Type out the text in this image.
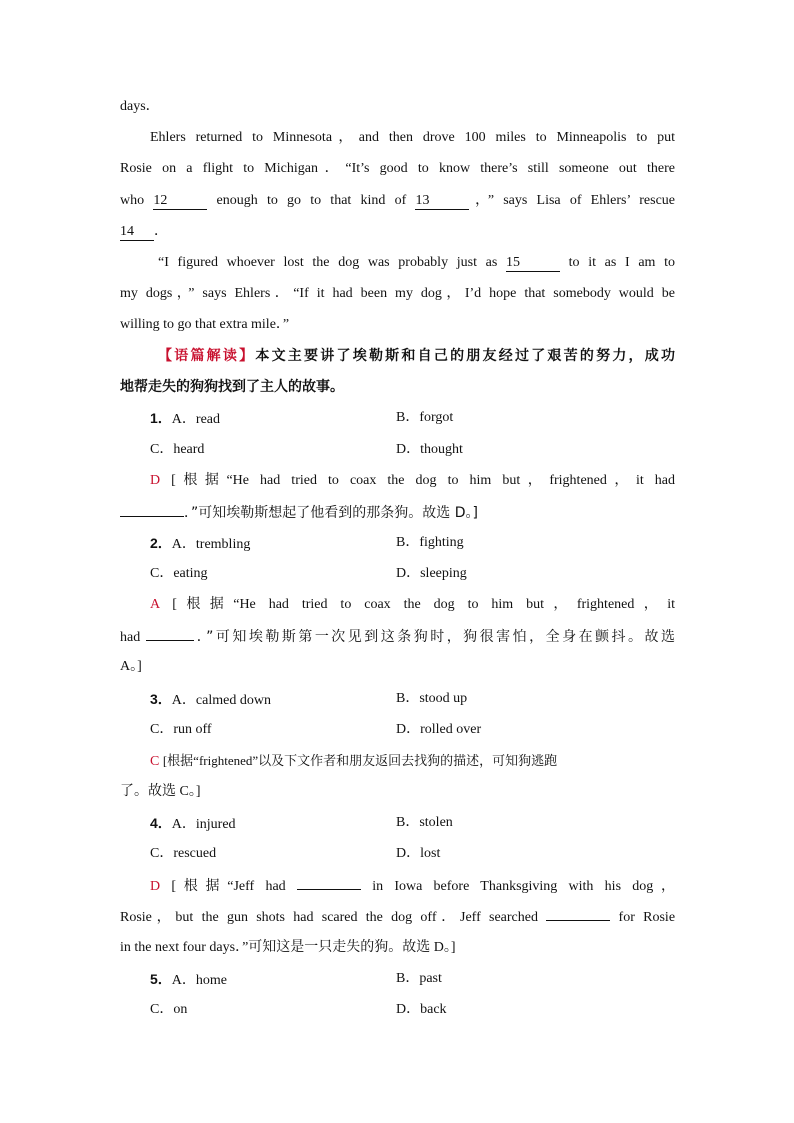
days．
Ehlers returned to Minnesota，and then drove 100 miles to Minneapolis to put
Rosie on a flight to Michigan．“It’s good to know there’s still someone out there
who 12	enough to go to that kind of 13	，” says Lisa of Ehlers’ rescue
14 ．
“I figured whoever lost the dog was probably just as 15	to it as I am to
my dogs，” says Ehlers．“If it had been my dog，I’d hope that somebody would be
willing to go that extra mile．”
【语篇解读】本文主要讲了埃勒斯和自己的朋友经过了艰苦的努力，成功
地帮走失的狗狗找到了主人的故事。
1．A．read	B．forgot
C．heard	D．thought
D [根据“He had tried to coax the dog to him but，frightened，it had
．”可知埃勒斯想起了他看到的那条狗。故选 D。]
2．A．trembling	B．fighting
C．eating	D．sleeping
A [根据“He had tried to coax the dog to him but，frightened，it
had	．”可知埃勒斯第一次见到这条狗时，狗很害怕，全身在颤抖。故选
A。]
3．A．calmed down	B．stood up
C．run off	D．rolled over
C [根据“frightened”以及下文作者和朋友返回去找狗的描述，可知狗逃跑
了。故选 C。]
4．A．injured	B．stolen
C．rescued	D．lost
D [根据“Jeff had	in Iowa before Thanksgiving with his dog，
Rosie，but the gun shots had scared the dog off．Jeff searched	for Rosie
in the next four days．”可知这是一只走失的狗。故选 D。]
5．A．home	B．past
C．on	D．back
